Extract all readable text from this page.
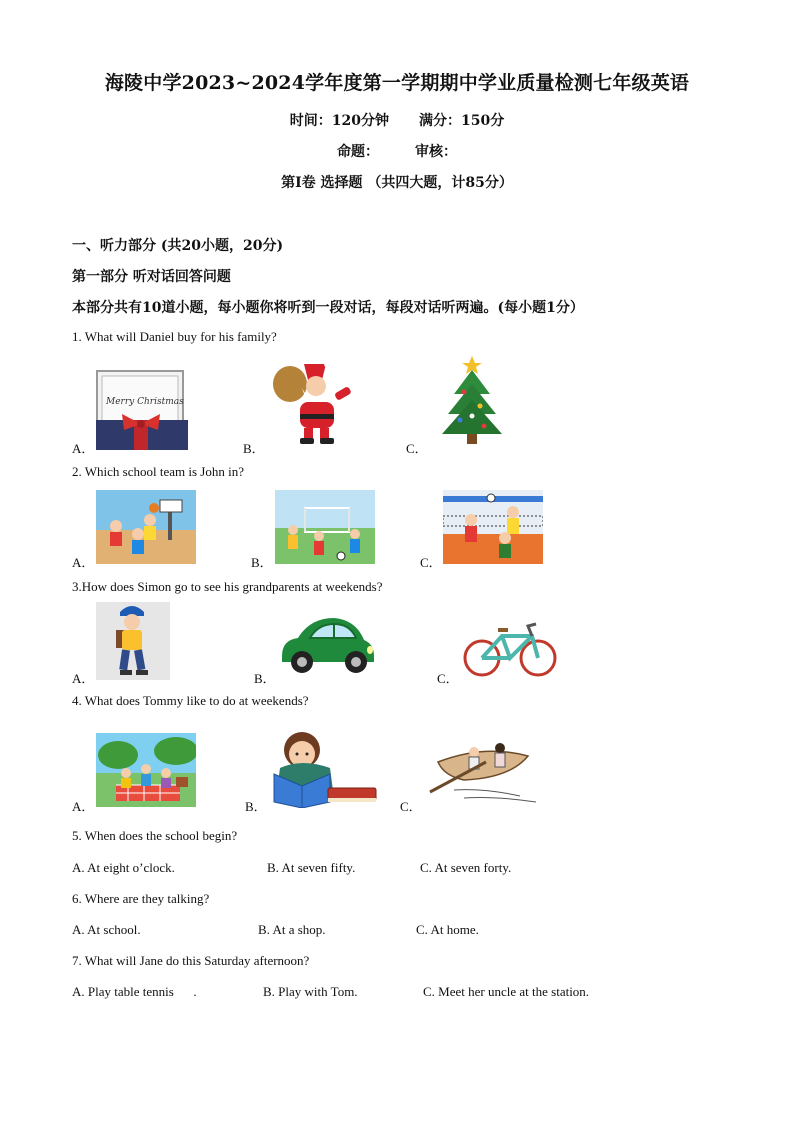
海陵中学2023~2024学年度第一学期期中学业质量检测七年级英语
时间：120分钟 满分：150分
命题：	审核：
第I卷 选择题 （共四大题，计85分）
一、听力部分 (共20小题，20分)
第一部分 听对话回答问题
本部分共有10道小题，每小题你将听到一段对话，每段对话听两遍。(每小题1分）
1. What will Daniel buy for his family?
A．
Merry Christmas
B．	C．
2. Which school team is John in?
A．	B．	C．
3.How does Simon go to see his grandparents at weekends?
A．	B．	C．
4. What does Tommy like to do at weekends?
A．	B．	C．
5. When does the school begin?
A. At eight o’clock.	B. At seven fifty.	C. At seven forty.
6. Where are they talking?
A. At school.	B. At a shop.	C. At home.
7. What will Jane do this Saturday afternoon?
A. Play table tennis      .	B. Play with Tom.	C. Meet her uncle at the station.
